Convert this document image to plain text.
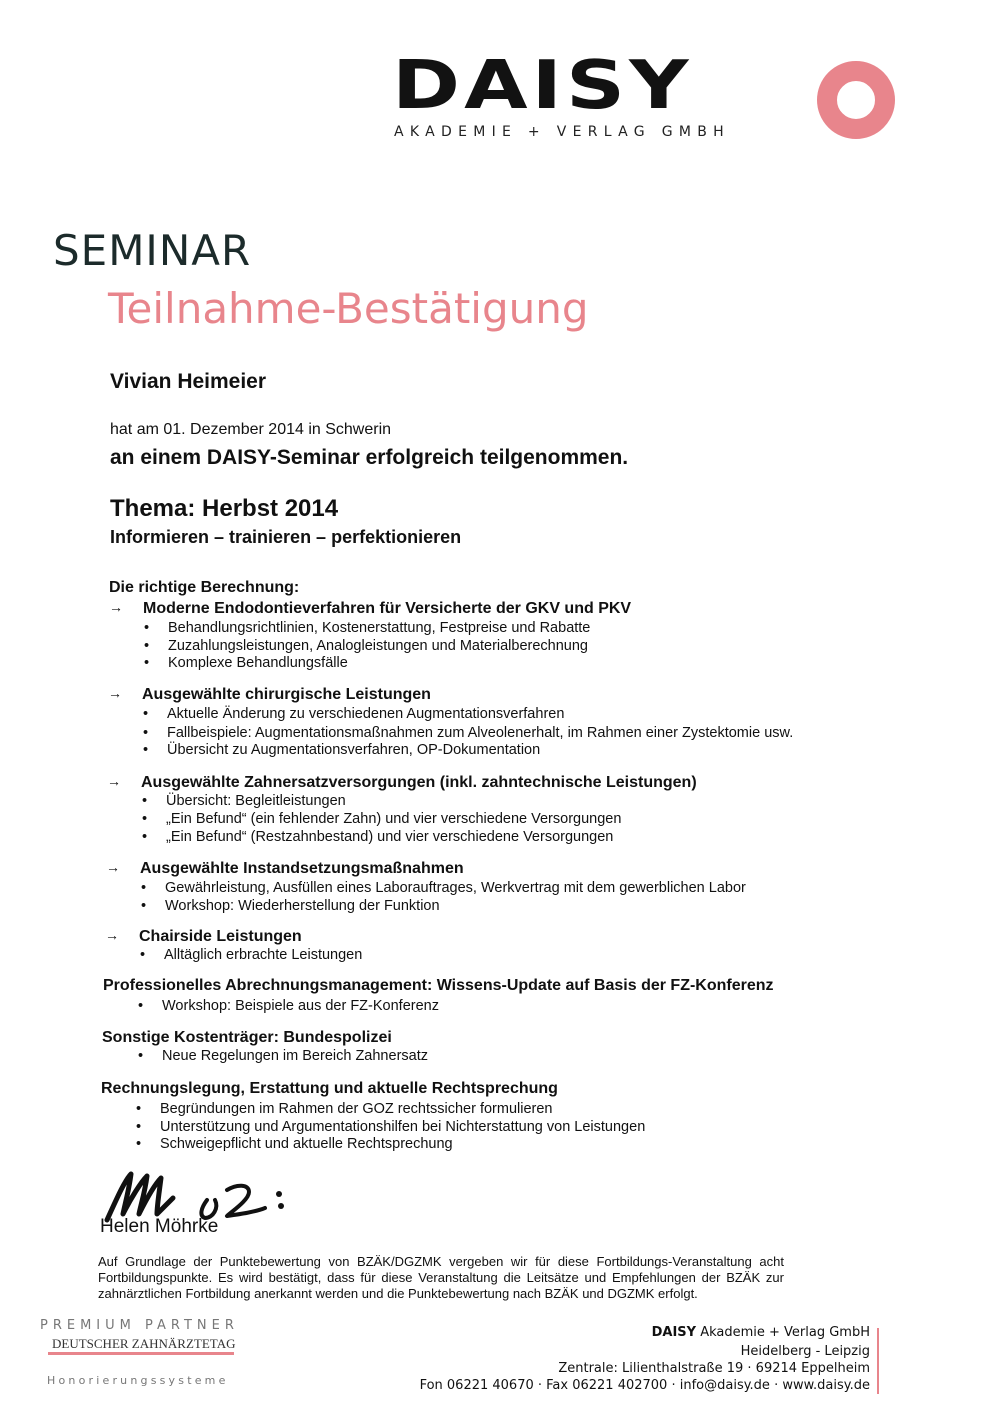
DAISY
AKADEMIE + VERLAG GMBH
SEMINAR
Teilnahme-Bestätigung
Vivian Heimeier
hat am 01. Dezember 2014 in Schwerin
an einem DAISY-Seminar erfolgreich teilgenommen.
Thema: Herbst 2014
Informieren – trainieren – perfektionieren
Die richtige Berechnung:
→ Moderne Endodontieverfahren für Versicherte der GKV und PKV
• Behandlungsrichtlinien, Kostenerstattung, Festpreise und Rabatte
• Zuzahlungsleistungen, Analogleistungen und Materialberechnung
• Komplexe Behandlungsfälle
→ Ausgewählte chirurgische Leistungen
• Aktuelle Änderung zu verschiedenen Augmentationsverfahren
• Fallbeispiele: Augmentationsmaßnahmen zum Alveolenerhalt, im Rahmen einer Zystektomie usw.
• Übersicht zu Augmentationsverfahren, OP-Dokumentation
→ Ausgewählte Zahnersatzversorgungen (inkl. zahntechnische Leistungen)
• Übersicht: Begleitleistungen
• „Ein Befund“ (ein fehlender Zahn) und vier verschiedene Versorgungen
• „Ein Befund“ (Restzahnbestand) und vier verschiedene Versorgungen
→ Ausgewählte Instandsetzungsmaßnahmen
• Gewährleistung, Ausfüllen eines Laborauftrages, Werkvertrag mit dem gewerblichen Labor
• Workshop: Wiederherstellung der Funktion
→ Chairside Leistungen
• Alltäglich erbrachte Leistungen
Professionelles Abrechnungsmanagement: Wissens-Update auf Basis der FZ-Konferenz
• Workshop: Beispiele aus der FZ-Konferenz
Sonstige Kostenträger: Bundespolizei
• Neue Regelungen im Bereich Zahnersatz
Rechnungslegung, Erstattung und aktuelle Rechtsprechung
• Begründungen im Rahmen der GOZ rechtssicher formulieren
• Unterstützung und Argumentationshilfen bei Nichterstattung von Leistungen
• Schweigepflicht und aktuelle Rechtsprechung
Helen Möhrke
Auf Grundlage der Punktebewertung von BZÄK/DGZMK vergeben wir für diese Fortbildungs-Veranstaltung acht Fortbildungspunkte. Es wird bestätigt, dass für diese Veranstaltung die Leitsätze und Empfehlungen der BZÄK zur zahnärztlichen Fortbildung anerkannt werden und die Punktebewertung nach BZÄK und DGZMK erfolgt.
PREMIUM PARTNER
DEUTSCHER ZAHNÄRZTETAG
Honorierungssysteme
DAISY Akademie + Verlag GmbH
Heidelberg - Leipzig
Zentrale: Lilienthalstraße 19 · 69214 Eppelheim
Fon 06221 40670 · Fax 06221 402700 · info@daisy.de · www.daisy.de
